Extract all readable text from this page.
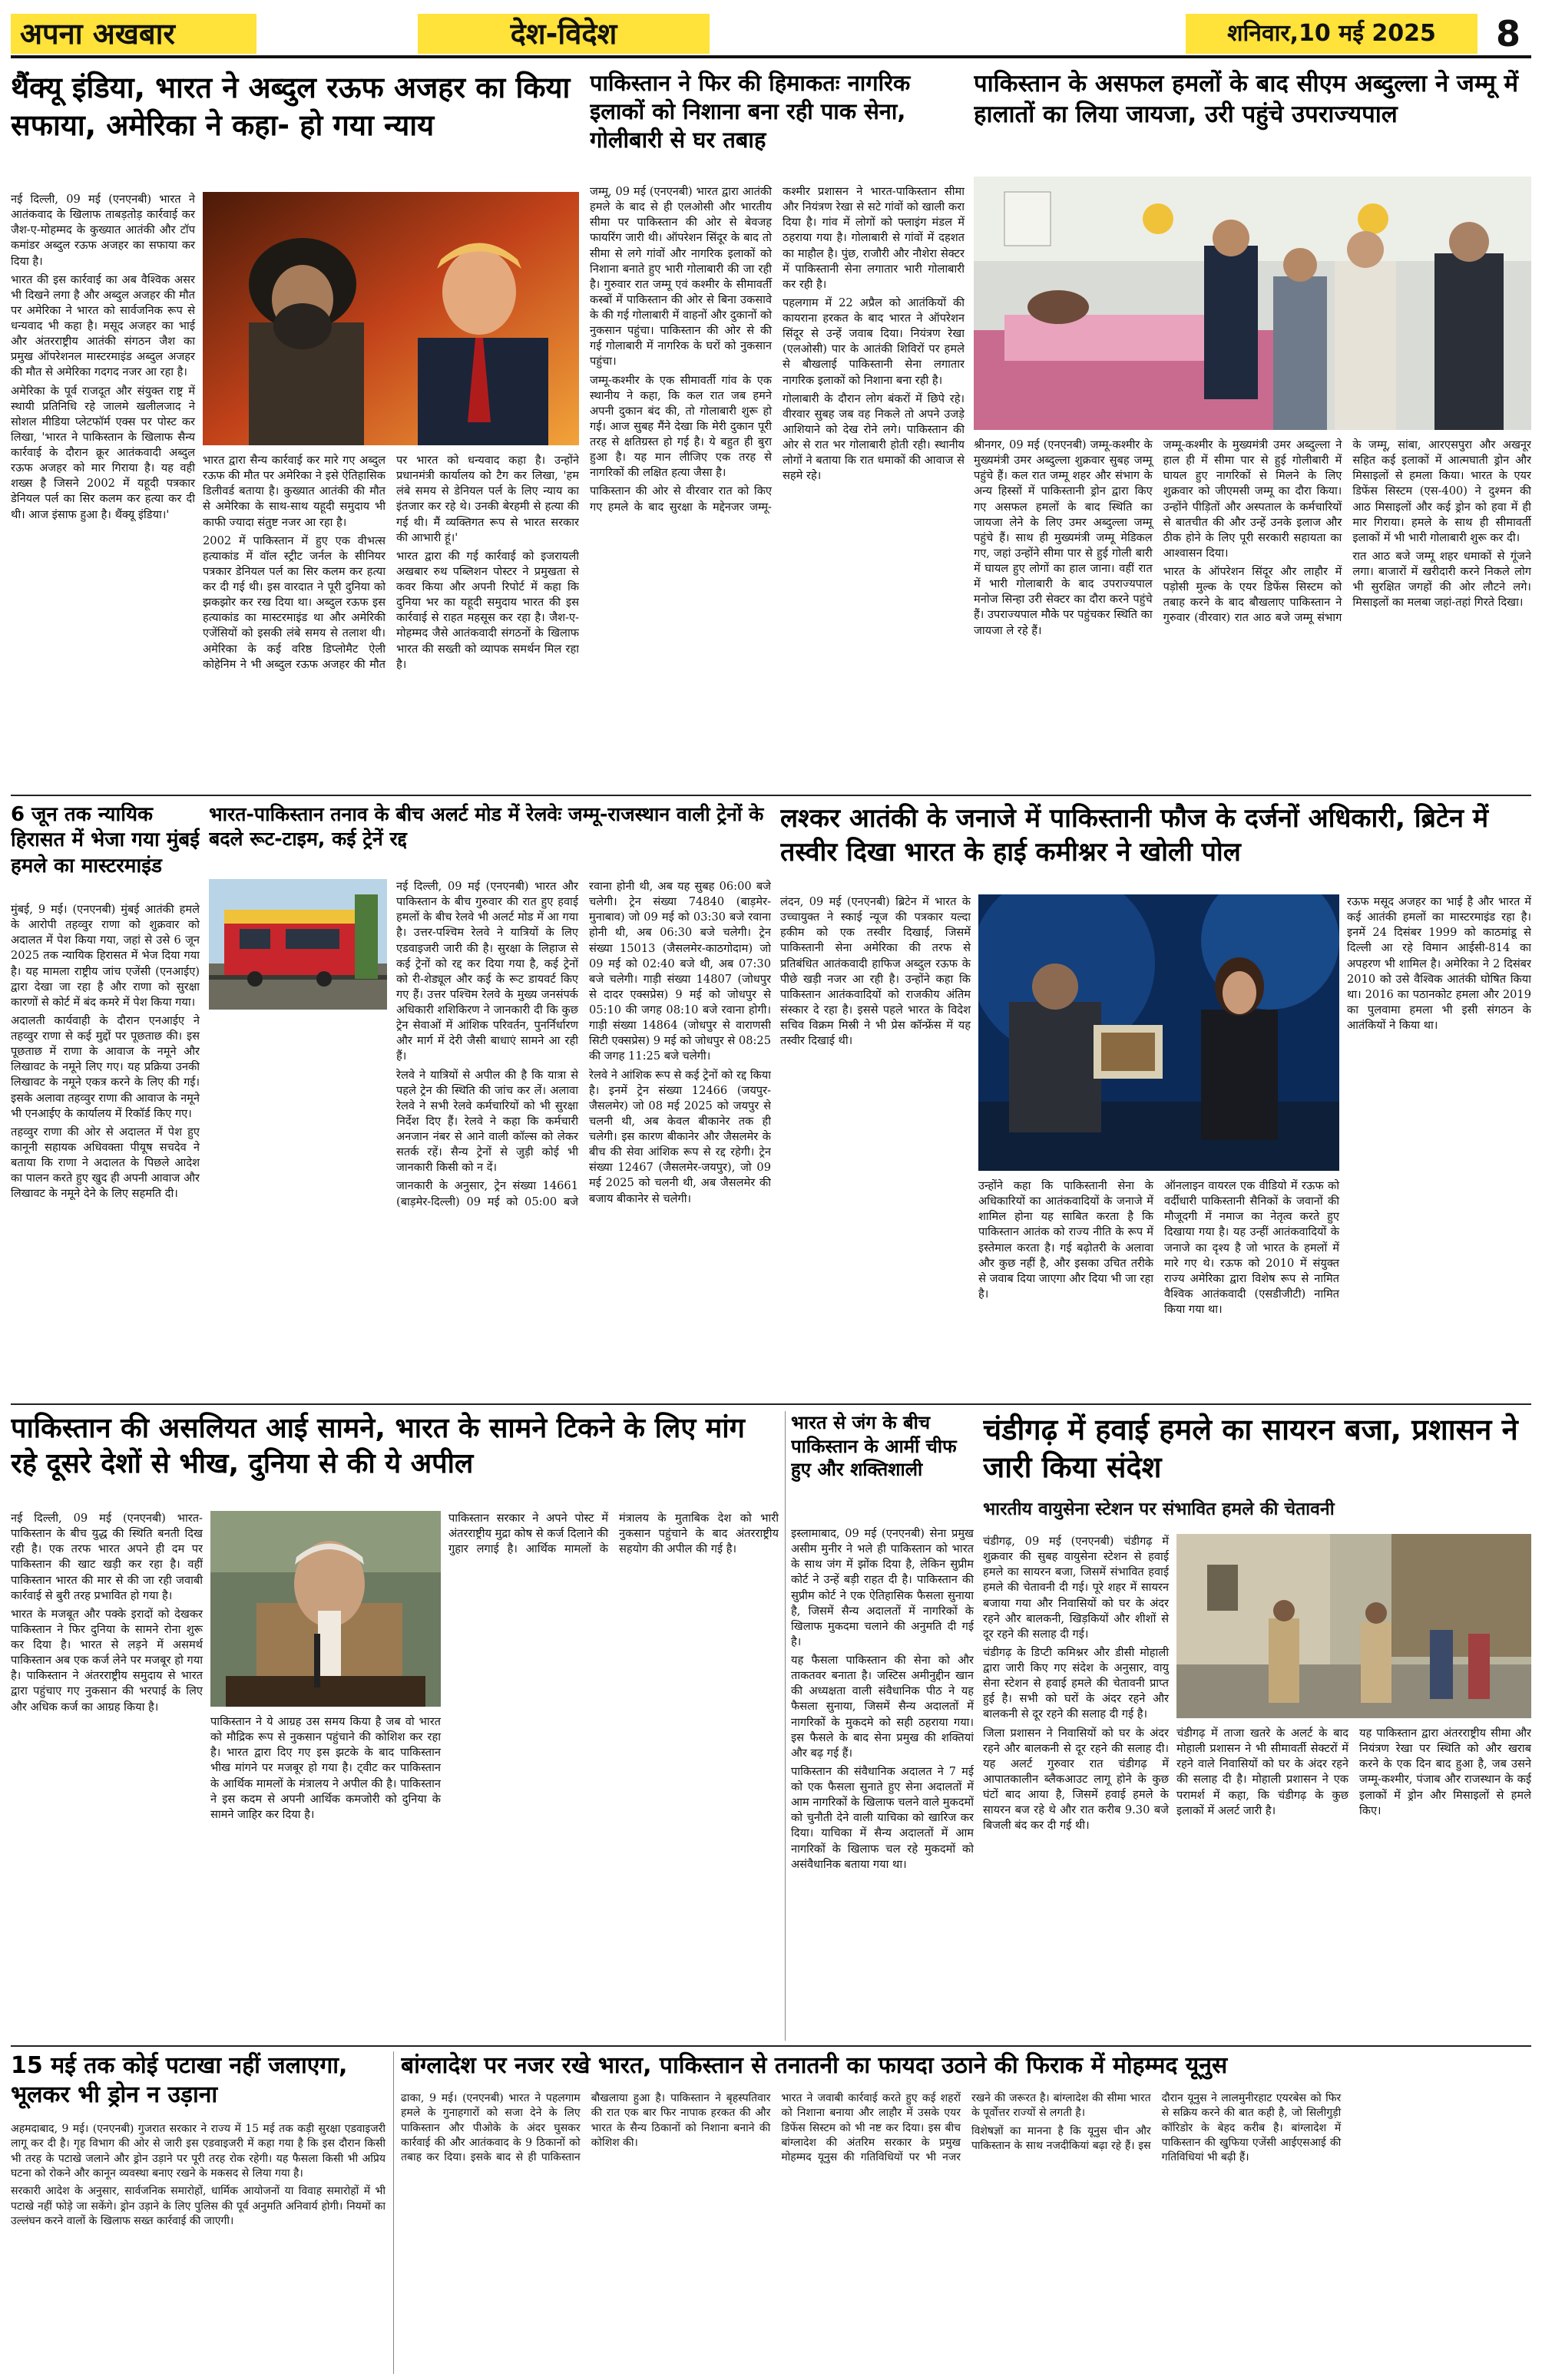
अपना अखबार	देश-विदेश	शनिवार,10 मई 2025	8
थैंक्यू इंडिया, भारत ने अब्दुल रऊफ अजहर का किया सफाया, अमेरिका ने कहा- हो गया न्याय

नई दिल्ली, 09 मई (एनएनबी) भारत ने आतंकवाद के खिलाफ ताबड़तोड़ कार्रवाई कर जैश-ए-मोहम्मद के कुख्यात आतंकी और टॉप कमांडर अब्दुल रऊफ अजहर का सफाया कर दिया है।

भारत की इस कार्रवाई का अब वैश्विक असर भी दिखने लगा है और अब्दुल अजहर की मौत पर अमेरिका ने भारत को सार्वजनिक रूप से धन्यवाद भी कहा है। मसूद अजहर का भाई और अंतरराष्ट्रीय आतंकी संगठन जैश का प्रमुख ऑपरेशनल मास्टरमाइंड अब्दुल अजहर की मौत से अमेरिका गदगद नजर आ रहा है।

अमेरिका के पूर्व राजदूत और संयुक्त राष्ट्र में स्थायी प्रतिनिधि रहे जालमे खलीलजाद ने सोशल मीडिया प्लेटफॉर्म एक्स पर पोस्ट कर लिखा, 'भारत ने पाकिस्तान के खिलाफ सैन्य कार्रवाई के दौरान क्रूर आतंकवादी अब्दुल रऊफ अजहर को मार गिराया है। यह वही शख्स है जिसने 2002 में यहूदी पत्रकार डेनियल पर्ल का सिर कलम कर हत्या कर दी थी। आज इंसाफ हुआ है। थैंक्यू इंडिया।'

भारत द्वारा सैन्य कार्रवाई कर मारे गए अब्दुल रऊफ की मौत पर अमेरिका ने इसे ऐतिहासिक डिलीवर्ड बताया है। कुख्यात आतंकी की मौत से अमेरिका के साथ-साथ यहूदी समुदाय भी काफी ज्यादा संतुष्ट नजर आ रहा है।

2002 में पाकिस्तान में हुए एक वीभत्स हत्याकांड में वॉल स्ट्रीट जर्नल के सीनियर पत्रकार डेनियल पर्ल का सिर कलम कर हत्या कर दी गई थी। इस वारदात ने पूरी दुनिया को झकझोर कर रख दिया था। अब्दुल रऊफ इस हत्याकांड का मास्टरमाइंड था और अमेरिकी एजेंसियों को इसकी लंबे समय से तलाश थी। अमेरिका के कई वरिष्ठ डिप्लोमैट ऐली कोहेनिम ने भी अब्दुल रऊफ अजहर की मौत पर भारत को धन्यवाद कहा है। उन्होंने प्रधानमंत्री कार्यालय को टैग कर लिखा, 'हम लंबे समय से डेनियल पर्ल के लिए न्याय का इंतजार कर रहे थे। उनकी बेरहमी से हत्या की गई थी। मैं व्यक्तिगत रूप से भारत सरकार की आभारी हूं।'

भारत द्वारा की गई कार्रवाई को इजरायली अखबार रुथ पब्लिशन पोस्टर ने प्रमुखता से कवर किया और अपनी रिपोर्ट में कहा कि दुनिया भर का यहूदी समुदाय भारत की इस कार्रवाई से राहत महसूस कर रहा है। जैश-ए-मोहम्मद जैसे आतंकवादी संगठनों के खिलाफ भारत की सख्ती को व्यापक समर्थन मिल रहा है।

पाकिस्तान ने फिर की हिमाकतः नागरिक इलाकों को निशाना बना रही पाक सेना, गोलीबारी से घर तबाह

जम्मू, 09 मई (एनएनबी) भारत द्वारा आतंकी हमले के बाद से ही एलओसी और भारतीय सीमा पर पाकिस्तान की ओर से बेवजह फायरिंग जारी थी। ऑपरेशन सिंदूर के बाद तो सीमा से लगे गांवों और नागरिक इलाकों को निशाना बनाते हुए भारी गोलाबारी की जा रही है। गुरुवार रात जम्मू एवं कश्मीर के सीमावर्ती कस्बों में पाकिस्तान की ओर से बिना उकसावे के की गई गोलाबारी में वाहनों और दुकानों को नुकसान पहुंचा। पाकिस्तान की ओर से की गई गोलाबारी में नागरिक के घरों को नुकसान पहुंचा।

जम्मू-कश्मीर के एक सीमावर्ती गांव के एक स्थानीय ने कहा, कि कल रात जब हमने अपनी दुकान बंद की, तो गोलाबारी शुरू हो गई। आज सुबह मैंने देखा कि मेरी दुकान पूरी तरह से क्षतिग्रस्त हो गई है। ये बहुत ही बुरा हुआ है। यह मान लीजिए एक तरह से नागरिकों की लक्षित हत्या जैसा है।

पाकिस्तान की ओर से वीरवार रात को किए गए हमले के बाद सुरक्षा के मद्देनजर जम्मू-कश्मीर प्रशासन ने भारत-पाकिस्तान सीमा और नियंत्रण रेखा से सटे गांवों को खाली करा दिया है। गांव में लोगों को फ्लाइंग मंडल में ठहराया गया है। गोलाबारी से गांवों में दहशत का माहौल है। पुंछ, राजौरी और नौशेरा सेक्टर में पाकिस्तानी सेना लगातार भारी गोलाबारी कर रही है।

पहलगाम में 22 अप्रैल को आतंकियों की कायराना हरकत के बाद भारत ने ऑपरेशन सिंदूर से उन्हें जवाब दिया। नियंत्रण रेखा (एलओसी) पार के आतंकी शिविरों पर हमले से बौखलाई पाकिस्तानी सेना लगातार नागरिक इलाकों को निशाना बना रही है।

गोलाबारी के दौरान लोग बंकरों में छिपे रहे। वीरवार सुबह जब वह निकले तो अपने उजड़े आशियाने को देख रोने लगे। पाकिस्तान की ओर से रात भर गोलाबारी होती रही। स्थानीय लोगों ने बताया कि रात धमाकों की आवाज से सहमे रहे।

पाकिस्तान के असफल हमलों के बाद सीएम अब्दुल्ला ने जम्मू में हालातों का लिया जायजा, उरी पहुंचे उपराज्यपाल

श्रीनगर, 09 मई (एनएनबी) जम्मू-कश्मीर के मुख्यमंत्री उमर अब्दुल्ला शुक्रवार सुबह जम्मू पहुंचे हैं। कल रात जम्मू शहर और संभाग के अन्य हिस्सों में पाकिस्तानी ड्रोन द्वारा किए गए असफल हमलों के बाद स्थिति का जायजा लेने के लिए उमर अब्दुल्ला जम्मू पहुंचे हैं। साथ ही मुख्यमंत्री जम्मू मेडिकल गए, जहां उन्होंने सीमा पार से हुई गोली बारी में घायल हुए लोगों का हाल जाना। वहीं रात में भारी गोलाबारी के बाद उपराज्यपाल मनोज सिन्हा उरी सेक्टर का दौरा करने पहुंचे हैं। उपराज्यपाल मौके पर पहुंचकर स्थिति का जायजा ले रहे हैं।

जम्मू-कश्मीर के मुख्यमंत्री उमर अब्दुल्ला ने हाल ही में सीमा पार से हुई गोलीबारी में घायल हुए नागरिकों से मिलने के लिए शुक्रवार को जीएमसी जम्मू का दौरा किया। उन्होंने पीड़ितों और अस्पताल के कर्मचारियों से बातचीत की और उन्हें उनके इलाज और ठीक होने के लिए पूरी सरकारी सहायता का आश्वासन दिया।

भारत के ऑपरेशन सिंदूर और लाहौर में पड़ोसी मुल्क के एयर डिफेंस सिस्टम को तबाह करने के बाद बौखलाए पाकिस्तान ने गुरुवार (वीरवार) रात आठ बजे जम्मू संभाग के जम्मू, सांबा, आरएसपुरा और अखनूर सहित कई इलाकों में आत्मघाती ड्रोन और मिसाइलों से हमला किया। भारत के एयर डिफेंस सिस्टम (एस-400) ने दुश्मन की आठ मिसाइलों और कई ड्रोन को हवा में ही मार गिराया। हमले के साथ ही सीमावर्ती इलाकों में भी भारी गोलाबारी शुरू कर दी।

रात आठ बजे जम्मू शहर धमाकों से गूंजने लगा। बाजारों में खरीदारी करने निकले लोग भी सुरक्षित जगहों की ओर लौटने लगे। मिसाइलों का मलबा जहां-तहां गिरते दिखा।

6 जून तक न्यायिक हिरासत में भेजा गया मुंबई हमले का मास्टरमाइंड

मुंबई, 9 मई। (एनएनबी) मुंबई आतंकी हमले के आरोपी तहव्वुर राणा को शुक्रवार को अदालत में पेश किया गया, जहां से उसे 6 जून 2025 तक न्यायिक हिरासत में भेज दिया गया है। यह मामला राष्ट्रीय जांच एजेंसी (एनआईए) द्वारा देखा जा रहा है और राणा को सुरक्षा कारणों से कोर्ट में बंद कमरे में पेश किया गया।

अदालती कार्यवाही के दौरान एनआईए ने तहव्वुर राणा से कई मुद्दों पर पूछताछ की। इस पूछताछ में राणा के आवाज के नमूने और लिखावट के नमूने लिए गए। यह प्रक्रिया उनकी लिखावट के नमूने एकत्र करने के लिए की गई। इसके अलावा तहव्वुर राणा की आवाज के नमूने भी एनआईए के कार्यालय में रिकॉर्ड किए गए।

तहव्वुर राणा की ओर से अदालत में पेश हुए कानूनी सहायक अधिवक्ता पीयूष सचदेव ने बताया कि राणा ने अदालत के पिछले आदेश का पालन करते हुए खुद ही अपनी आवाज और लिखावट के नमूने देने के लिए सहमति दी।

भारत-पाकिस्तान तनाव के बीच अलर्ट मोड में रेलवेः जम्मू-राजस्थान वाली ट्रेनों के बदले रूट-टाइम, कई ट्रेनें रद्द

नई दिल्ली, 09 मई (एनएनबी) भारत और पाकिस्तान के बीच गुरुवार की रात हुए हवाई हमलों के बीच रेलवे भी अलर्ट मोड में आ गया है। उत्तर-पश्चिम रेलवे ने यात्रियों के लिए एडवाइजरी जारी की है। सुरक्षा के लिहाज से कई ट्रेनों को रद्द कर दिया गया है, कई ट्रेनों को री-शेड्यूल और कई के रूट डायवर्ट किए गए हैं। उत्तर पश्चिम रेलवे के मुख्य जनसंपर्क अधिकारी शशिकिरण ने जानकारी दी कि कुछ ट्रेन सेवाओं में आंशिक परिवर्तन, पुनर्निर्धारण और मार्ग में देरी जैसी बाधाएं सामने आ रही हैं।

रेलवे ने यात्रियों से अपील की है कि यात्रा से पहले ट्रेन की स्थिति की जांच कर लें। अलावा रेलवे ने सभी रेलवे कर्मचारियों को भी सुरक्षा निर्देश दिए हैं। रेलवे ने कहा कि कर्मचारी अनजान नंबर से आने वाली कॉल्स को लेकर सतर्क रहें। सैन्य ट्रेनों से जुड़ी कोई भी जानकारी किसी को न दें।

जानकारी के अनुसार, ट्रेन संख्या 14661 (बाड़मेर-दिल्ली) 09 मई को 05:00 बजे रवाना होनी थी, अब यह सुबह 06:00 बजे चलेगी। ट्रेन संख्या 74840 (बाड़मेर-मुनाबाव) जो 09 मई को 03:30 बजे रवाना होनी थी, अब 06:30 बजे चलेगी। ट्रेन संख्या 15013 (जैसलमेर-काठगोदाम) जो 09 मई को 02:40 बजे थी, अब 07:30 बजे चलेगी। गाड़ी संख्या 14807 (जोधपुर से दादर एक्सप्रेस) 9 मई को जोधपुर से 05:10 की जगह 08:10 बजे रवाना होगी। गाड़ी संख्या 14864 (जोधपुर से वाराणसी सिटी एक्सप्रेस) 9 मई को जोधपुर से 08:25 की जगह 11:25 बजे चलेगी।

रेलवे ने आंशिक रूप से कई ट्रेनों को रद्द किया है। इनमें ट्रेन संख्या 12466 (जयपुर-जैसलमेर) जो 08 मई 2025 को जयपुर से चलनी थी, अब केवल बीकानेर तक ही चलेगी। इस कारण बीकानेर और जैसलमेर के बीच की सेवा आंशिक रूप से रद्द रहेगी। ट्रेन संख्या 12467 (जैसलमेर-जयपुर), जो 09 मई 2025 को चलनी थी, अब जैसलमेर की बजाय बीकानेर से चलेगी।

लश्कर आतंकी के जनाजे में पाकिस्तानी फौज के दर्जनों अधिकारी, ब्रिटेन में तस्वीर दिखा भारत के हाई कमीश्नर ने खोली पोल

लंदन, 09 मई (एनएनबी) ब्रिटेन में भारत के उच्चायुक्त ने स्काई न्यूज की पत्रकार यल्दा हकीम को एक तस्वीर दिखाई, जिसमें पाकिस्तानी सेना अमेरिका की तरफ से प्रतिबंधित आतंकवादी हाफिज अब्दुल रऊफ के पीछे खड़ी नजर आ रही है। उन्होंने कहा कि पाकिस्तान आतंकवादियों को राजकीय अंतिम संस्कार दे रहा है। इससे पहले भारत के विदेश सचिव विक्रम मिस्री ने भी प्रेस कॉन्फ्रेंस में यह तस्वीर दिखाई थी।

उन्होंने कहा कि पाकिस्तानी सेना के अधिकारियों का आतंकवादियों के जनाजे में शामिल होना यह साबित करता है कि पाकिस्तान आतंक को राज्य नीति के रूप में इस्तेमाल करता है। गई बढ़ोतरी के अलावा और कुछ नहीं है, और इसका उचित तरीके से जवाब दिया जाएगा और दिया भी जा रहा है।

ऑनलाइन वायरल एक वीडियो में रऊफ को वर्दीधारी पाकिस्तानी सैनिकों के जवानों की मौजूदगी में नमाज का नेतृत्व करते हुए दिखाया गया है। यह उन्हीं आतंकवादियों के जनाजे का दृश्य है जो भारत के हमलों में मारे गए थे। रऊफ को 2010 में संयुक्त राज्य अमेरिका द्वारा विशेष रूप से नामित वैश्विक आतंकवादी (एसडीजीटी) नामित किया गया था।

रऊफ मसूद अजहर का भाई है और भारत में कई आतंकी हमलों का मास्टरमाइंड रहा है। इनमें 24 दिसंबर 1999 को काठमांडू से दिल्ली आ रहे विमान आईसी-814 का अपहरण भी शामिल है। अमेरिका ने 2 दिसंबर 2010 को उसे वैश्विक आतंकी घोषित किया था। 2016 का पठानकोट हमला और 2019 का पुलवामा हमला भी इसी संगठन के आतंकियों ने किया था।

पाकिस्तान की असलियत आई सामने, भारत के सामने टिकने के लिए मांग रहे दूसरे देशों से भीख, दुनिया से की ये अपील

नई दिल्ली, 09 मई (एनएनबी) भारत-पाकिस्तान के बीच युद्ध की स्थिति बनती दिख रही है। एक तरफ भारत अपने ही दम पर पाकिस्तान की खाट खड़ी कर रहा है। वहीं पाकिस्तान भारत की मार से की जा रही जवाबी कार्रवाई से बुरी तरह प्रभावित हो गया है।

भारत के मजबूत और पक्के इरादों को देखकर पाकिस्तान ने फिर दुनिया के सामने रोना शुरू कर दिया है। भारत से लड़ने में असमर्थ पाकिस्तान अब एक कर्ज लेने पर मजबूर हो गया है। पाकिस्तान ने अंतरराष्ट्रीय समुदाय से भारत द्वारा पहुंचाए गए नुकसान की भरपाई के लिए और अधिक कर्ज का आग्रह किया है।

पाकिस्तान ने ये आग्रह उस समय किया है जब वो भारत को मौद्रिक रूप से नुकसान पहुंचाने की कोशिश कर रहा है। भारत द्वारा दिए गए इस झटके के बाद पाकिस्तान भीख मांगने पर मजबूर हो गया है। ट्वीट कर पाकिस्तान के आर्थिक मामलों के मंत्रालय ने अपील की है। पाकिस्तान ने इस कदम से अपनी आर्थिक कमजोरी को दुनिया के सामने जाहिर कर दिया है।

पाकिस्तान सरकार ने अपने पोस्ट में अंतरराष्ट्रीय मुद्रा कोष से कर्ज दिलाने की गुहार लगाई है। आर्थिक मामलों के मंत्रालय के मुताबिक देश को भारी नुकसान पहुंचाने के बाद अंतरराष्ट्रीय सहयोग की अपील की गई है।

भारत से जंग के बीच पाकिस्तान के आर्मी चीफ हुए और शक्तिशाली

इस्लामाबाद, 09 मई (एनएनबी) सेना प्रमुख असीम मुनीर ने भले ही पाकिस्तान को भारत के साथ जंग में झोंक दिया है, लेकिन सुप्रीम कोर्ट ने उन्हें बड़ी राहत दी है। पाकिस्तान की सुप्रीम कोर्ट ने एक ऐतिहासिक फैसला सुनाया है, जिसमें सैन्य अदालतों में नागरिकों के खिलाफ मुकदमा चलाने की अनुमति दी गई है।

यह फैसला पाकिस्तान की सेना को और ताकतवर बनाता है। जस्टिस अमीनुद्दीन खान की अध्यक्षता वाली संवैधानिक पीठ ने यह फैसला सुनाया, जिसमें सैन्य अदालतों में नागरिकों के मुकदमे को सही ठहराया गया। इस फैसले के बाद सेना प्रमुख की शक्तियां और बढ़ गई हैं।

पाकिस्तान की संवैधानिक अदालत ने 7 मई को एक फैसला सुनाते हुए सेना अदालतों में आम नागरिकों के खिलाफ चलने वाले मुकदमों को चुनौती देने वाली याचिका को खारिज कर दिया। याचिका में सैन्य अदालतों में आम नागरिकों के खिलाफ चल रहे मुकदमों को असंवैधानिक बताया गया था।

चंडीगढ़ में हवाई हमले का सायरन बजा, प्रशासन ने जारी किया संदेश
भारतीय वायुसेना स्टेशन पर संभावित हमले की चेतावनी

चंडीगढ़, 09 मई (एनएनबी) चंडीगढ़ में शुक्रवार की सुबह वायुसेना स्टेशन से हवाई हमले का सायरन बजा, जिसमें संभावित हवाई हमले की चेतावनी दी गई। पूरे शहर में सायरन बजाया गया और निवासियों को घर के अंदर रहने और बालकनी, खिड़कियों और शीशों से दूर रहने की सलाह दी गई।

चंडीगढ़ के डिप्टी कमिश्नर और डीसी मोहाली द्वारा जारी किए गए संदेश के अनुसार, वायु सेना स्टेशन से हवाई हमले की चेतावनी प्राप्त हुई है। सभी को घरों के अंदर रहने और बालकनी से दूर रहने की सलाह दी गई है।

जिला प्रशासन ने निवासियों को घर के अंदर रहने और बालकनी से दूर रहने की सलाह दी। यह अलर्ट गुरुवार रात चंडीगढ़ में आपातकालीन ब्लैकआउट लागू होने के कुछ घंटों बाद आया है, जिसमें हवाई हमले के सायरन बज रहे थे और रात करीब 9.30 बजे बिजली बंद कर दी गई थी।

चंडीगढ़ में ताजा खतरे के अलर्ट के बाद मोहाली प्रशासन ने भी सीमावर्ती सेक्टरों में रहने वाले निवासियों को घर के अंदर रहने की सलाह दी है। मोहाली प्रशासन ने एक परामर्श में कहा, कि चंडीगढ़ के कुछ इलाकों में अलर्ट जारी है।

यह पाकिस्तान द्वारा अंतरराष्ट्रीय सीमा और नियंत्रण रेखा पर स्थिति को और खराब करने के एक दिन बाद हुआ है, जब उसने जम्मू-कश्मीर, पंजाब और राजस्थान के कई इलाकों में ड्रोन और मिसाइलों से हमले किए।

15 मई तक कोई पटाखा नहीं जलाएगा, भूलकर भी ड्रोन न उड़ाना

अहमदाबाद, 9 मई। (एनएनबी) गुजरात सरकार ने राज्य में 15 मई तक कड़ी सुरक्षा एडवाइजरी लागू कर दी है। गृह विभाग की ओर से जारी इस एडवाइजरी में कहा गया है कि इस दौरान किसी भी तरह के पटाखे जलाने और ड्रोन उड़ाने पर पूरी तरह रोक रहेगी। यह फैसला किसी भी अप्रिय घटना को रोकने और कानून व्यवस्था बनाए रखने के मकसद से लिया गया है।

सरकारी आदेश के अनुसार, सार्वजनिक समारोहों, धार्मिक आयोजनों या विवाह समारोहों में भी पटाखे नहीं फोड़े जा सकेंगे। ड्रोन उड़ाने के लिए पुलिस की पूर्व अनुमति अनिवार्य होगी। नियमों का उल्लंघन करने वालों के खिलाफ सख्त कार्रवाई की जाएगी।

बांग्लादेश पर नजर रखे भारत, पाकिस्तान से तनातनी का फायदा उठाने की फिराक में मोहम्मद यूनुस

ढाका, 9 मई। (एनएनबी) भारत ने पहलगाम हमले के गुनाहगारों को सजा देने के लिए पाकिस्तान और पीओके के अंदर घुसकर कार्रवाई की और आतंकवाद के 9 ठिकानों को तबाह कर दिया। इसके बाद से ही पाकिस्तान बौखलाया हुआ है। पाकिस्तान ने बृहस्पतिवार की रात एक बार फिर नापाक हरकत की और भारत के सैन्य ठिकानों को निशाना बनाने की कोशिश की।

भारत ने जवाबी कार्रवाई करते हुए कई शहरों को निशाना बनाया और लाहौर में उसके एयर डिफेंस सिस्टम को भी नष्ट कर दिया। इस बीच बांग्लादेश की अंतरिम सरकार के प्रमुख मोहम्मद यूनुस की गतिविधियों पर भी नजर रखने की जरूरत है। बांग्लादेश की सीमा भारत के पूर्वोत्तर राज्यों से लगती है।

विशेषज्ञों का मानना है कि यूनुस चीन और पाकिस्तान के साथ नजदीकियां बढ़ा रहे हैं। इस दौरान यूनुस ने लालमुनीरहाट एयरबेस को फिर से सक्रिय करने की बात कही है, जो सिलीगुड़ी कॉरिडोर के बेहद करीब है। बांग्लादेश में पाकिस्तान की खुफिया एजेंसी आईएसआई की गतिविधियां भी बढ़ी हैं।
